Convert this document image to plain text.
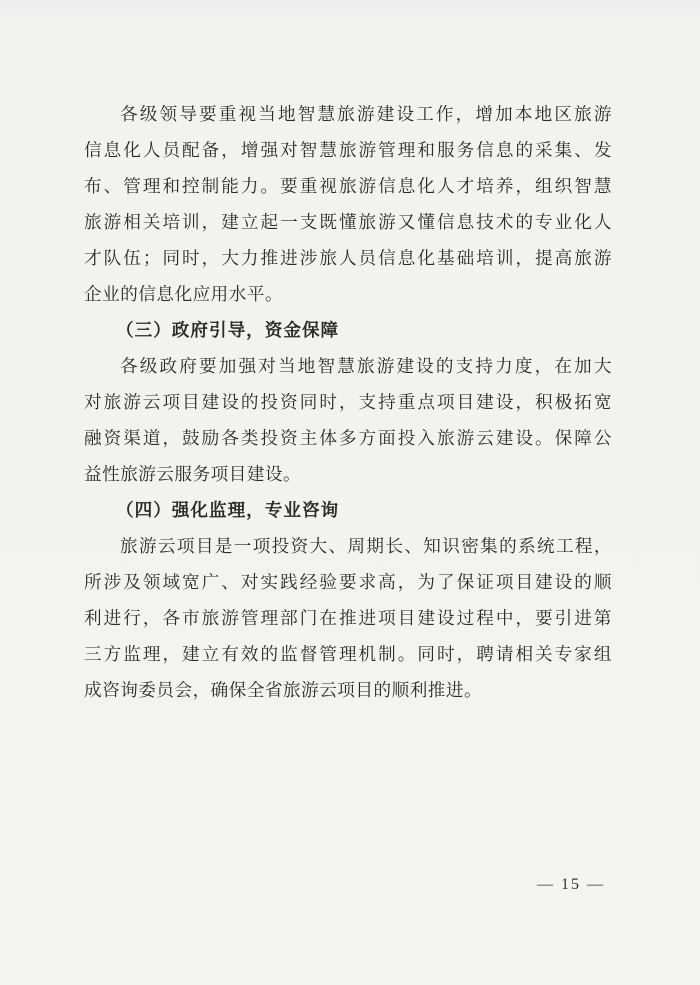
各级领导要重视当地智慧旅游建设工作，增加本地区旅游
信息化人员配备，增强对智慧旅游管理和服务信息的采集、发
布、管理和控制能力。要重视旅游信息化人才培养，组织智慧
旅游相关培训，建立起一支既懂旅游又懂信息技术的专业化人
才队伍；同时，大力推进涉旅人员信息化基础培训，提高旅游
企业的信息化应用水平。
（三）政府引导，资金保障
各级政府要加强对当地智慧旅游建设的支持力度，在加大
对旅游云项目建设的投资同时，支持重点项目建设，积极拓宽
融资渠道，鼓励各类投资主体多方面投入旅游云建设。保障公
益性旅游云服务项目建设。
（四）强化监理，专业咨询
旅游云项目是一项投资大、周期长、知识密集的系统工程，
所涉及领域宽广、对实践经验要求高，为了保证项目建设的顺
利进行，各市旅游管理部门在推进项目建设过程中，要引进第
三方监理，建立有效的监督管理机制。同时，聘请相关专家组
成咨询委员会，确保全省旅游云项目的顺利推进。
— 15 —
